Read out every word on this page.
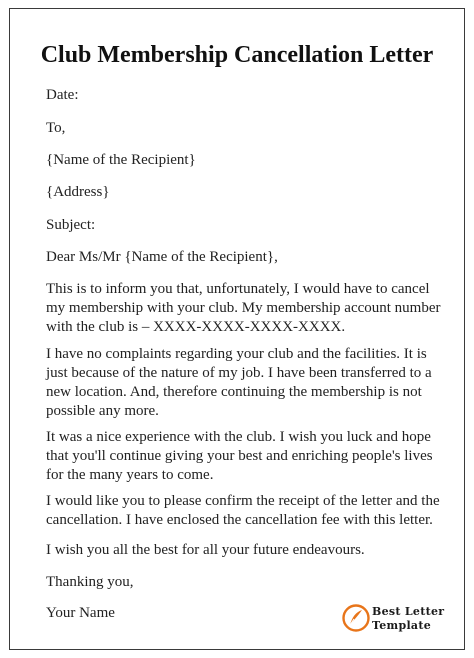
Club Membership Cancellation Letter

Date:

To,

{Name of the Recipient}

{Address}

Subject:

Dear Ms/Mr {Name of the Recipient},

This is to inform you that, unfortunately, I would have to cancel my membership with your club. My membership account number with the club is – XXXX-XXXX-XXXX-XXXX.

I have no complaints regarding your club and the facilities. It is just because of the nature of my job. I have been transferred to a new location. And, therefore continuing the membership is not possible any more.

It was a nice experience with the club. I wish you luck and hope that you'll continue giving your best and enriching people's lives for the many years to come.

I would like you to please confirm the receipt of the letter and the cancellation. I have enclosed the cancellation fee with this letter.

I wish you all the best for all your future endeavours.

Thanking you,

Your Name	Best Letter
Template
